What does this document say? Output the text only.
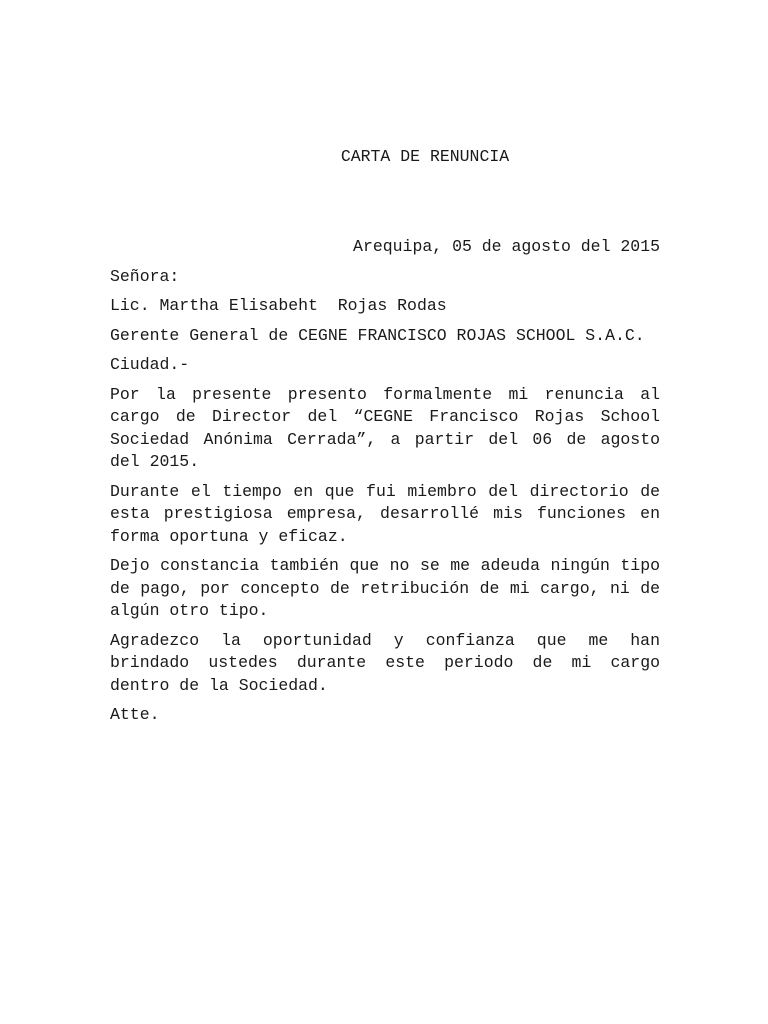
CARTA DE RENUNCIA

Arequipa, 05 de agosto del 2015

Señora:

Lic. Martha Elisabeht  Rojas Rodas

Gerente General de CEGNE FRANCISCO ROJAS SCHOOL S.A.C.

Ciudad.-

Por la presente presento formalmente mi renuncia al cargo de Director del “CEGNE Francisco Rojas School Sociedad Anónima Cerrada”, a partir del 06 de agosto del 2015.

Durante el tiempo en que fui miembro del directorio de esta prestigiosa empresa, desarrollé mis funciones en forma oportuna y eficaz.

Dejo constancia también que no se me adeuda ningún tipo de pago, por concepto de retribución de mi cargo, ni de algún otro tipo.

Agradezco la oportunidad y confianza que me han brindado ustedes durante este periodo de mi cargo dentro de la Sociedad.

Atte.
